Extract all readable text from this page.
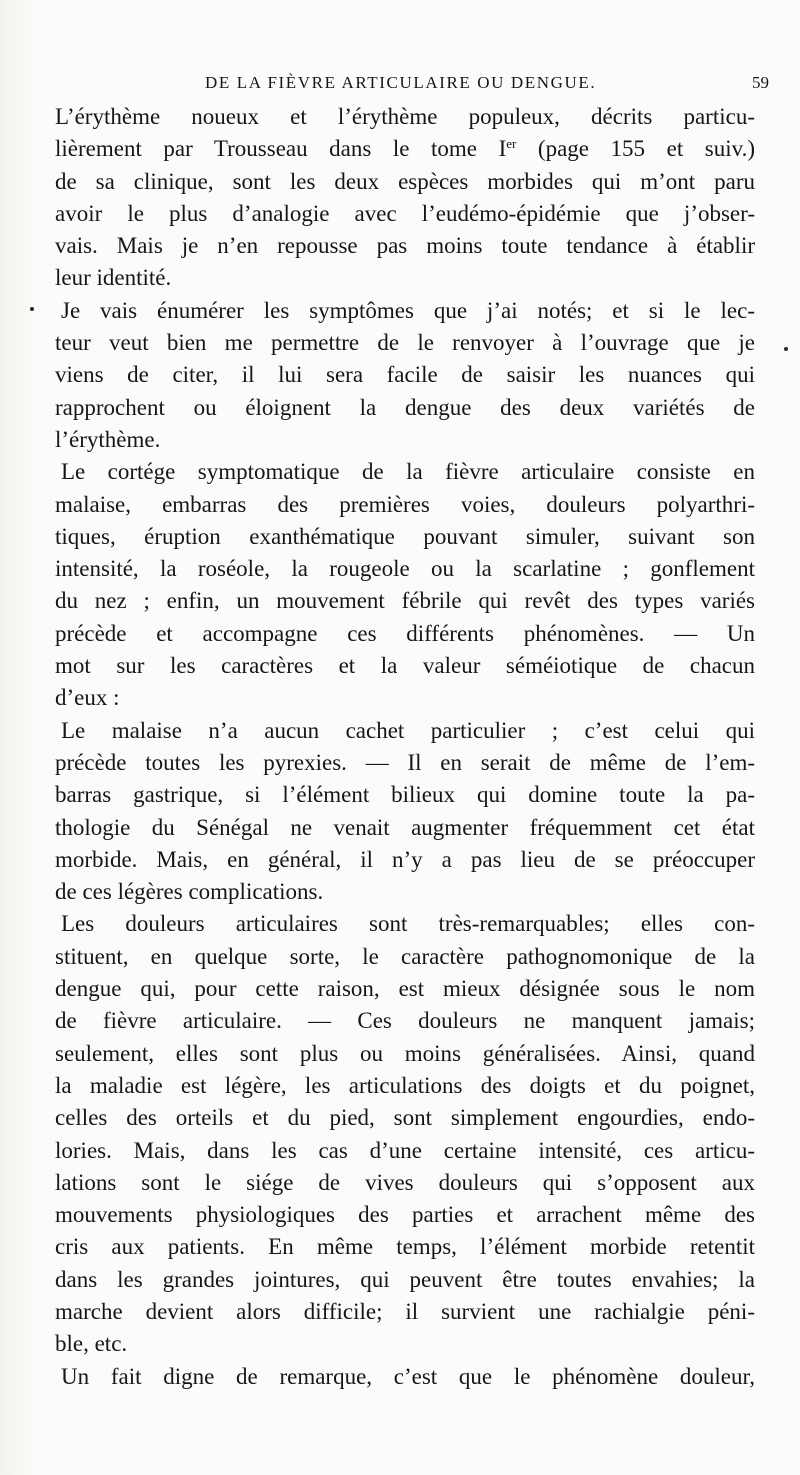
DE LA FIÈVRE ARTICULAIRE OU DENGUE.	59
L’érythème noueux et l’érythème populeux, décrits particu-
lièrement par Trousseau dans le tome Ier (page 155 et suiv.)
de sa clinique, sont les deux espèces morbides qui m’ont paru
avoir le plus d’analogie avec l’eudémo-épidémie que j’obser-
vais. Mais je n’en repousse pas moins toute tendance à établir
leur identité.
Je vais énumérer les symptômes que j’ai notés; et si le lec-
teur veut bien me permettre de le renvoyer à l’ouvrage que je
viens de citer, il lui sera facile de saisir les nuances qui
rapprochent ou éloignent la dengue des deux variétés de
l’érythème.
Le cortége symptomatique de la fièvre articulaire consiste en
malaise, embarras des premières voies, douleurs polyarthri-
tiques, éruption exanthématique pouvant simuler, suivant son
intensité, la roséole, la rougeole ou la scarlatine ; gonflement
du nez ; enfin, un mouvement fébrile qui revêt des types variés
précède et accompagne ces différents phénomènes. — Un
mot sur les caractères et la valeur séméiotique de chacun
d’eux :
Le malaise n’a aucun cachet particulier ; c’est celui qui
précède toutes les pyrexies. — Il en serait de même de l’em-
barras gastrique, si l’élément bilieux qui domine toute la pa-
thologie du Sénégal ne venait augmenter fréquemment cet état
morbide. Mais, en général, il n’y a pas lieu de se préoccuper
de ces légères complications.
Les douleurs articulaires sont très-remarquables; elles con-
stituent, en quelque sorte, le caractère pathognomonique de la
dengue qui, pour cette raison, est mieux désignée sous le nom
de fièvre articulaire. — Ces douleurs ne manquent jamais;
seulement, elles sont plus ou moins généralisées. Ainsi, quand
la maladie est légère, les articulations des doigts et du poignet,
celles des orteils et du pied, sont simplement engourdies, endo-
lories. Mais, dans les cas d’une certaine intensité, ces articu-
lations sont le siége de vives douleurs qui s’opposent aux
mouvements physiologiques des parties et arrachent même des
cris aux patients. En même temps, l’élément morbide retentit
dans les grandes jointures, qui peuvent être toutes envahies; la
marche devient alors difficile; il survient une rachialgie péni-
ble, etc.
Un fait digne de remarque, c’est que le phénomène douleur,
